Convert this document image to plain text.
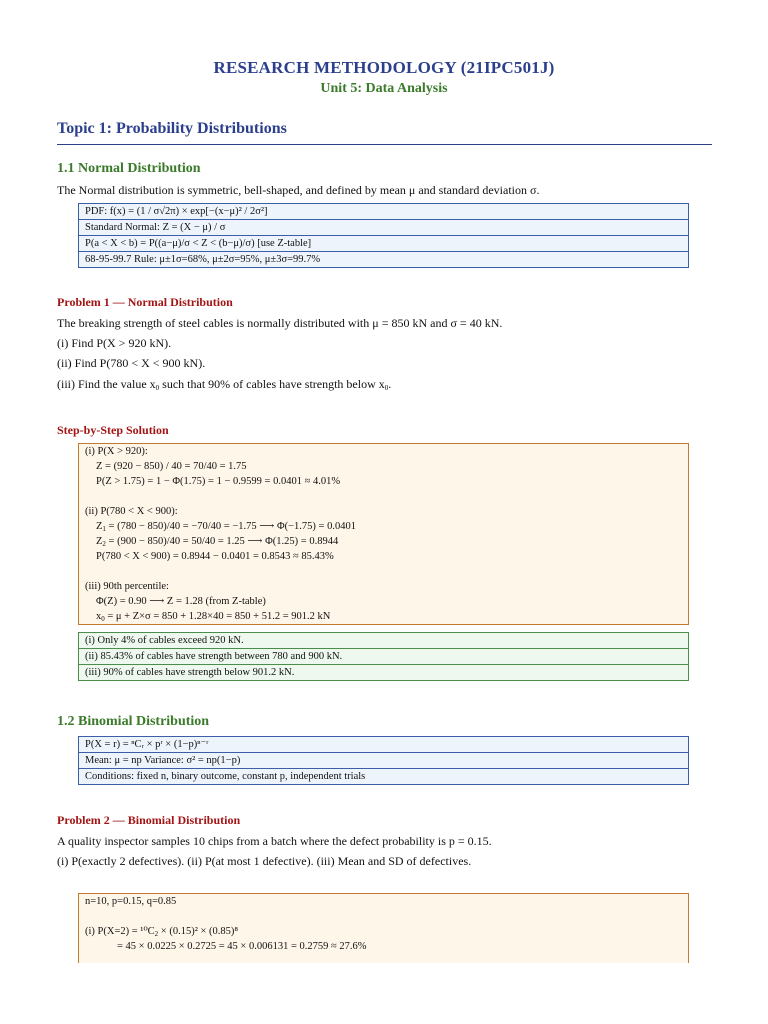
RESEARCH METHODOLOGY (21IPC501J)
Unit 5: Data Analysis
Topic 1: Probability Distributions
1.1 Normal Distribution
The Normal distribution is symmetric, bell-shaped, and defined by mean μ and standard deviation σ.
PDF: f(x) = (1 / σ√2π) × exp[−(x−μ)² / 2σ²]
Standard Normal: Z = (X − μ) / σ
P(a < X < b) = P((a−μ)/σ < Z < (b−μ)/σ) [use Z-table]
68-95-99.7 Rule: μ±1σ=68%, μ±2σ=95%, μ±3σ=99.7%
Problem 1 — Normal Distribution
The breaking strength of steel cables is normally distributed with μ = 850 kN and σ = 40 kN.
(i) Find P(X > 920 kN).
(ii) Find P(780 < X < 900 kN).
(iii) Find the value $x_0$ such that 90% of cables have strength below $x_0$.
Step-by-Step Solution
(i) P(X > 920):
Z = (920 − 850) / 40 = 70/40 = 1.75
P(Z > 1.75) = 1 − Φ(1.75) = 1 − 0.9599 = 0.0401 ≈ 4.01%
(ii) P(780 < X < 900):
$Z_1 = (780 - 850)/40 = -70/40 = -1.75$ ⟶ Φ(−1.75) = 0.0401
$Z_2 = (900 - 850)/40 = 50/40 = 1.25$ ⟶ Φ(1.25) = 0.8944
P(780 < X < 900) = 0.8944 − 0.0401 = 0.8543 ≈ 85.43%
(iii) 90th percentile:
Φ(Z) = 0.90 ⟶ Z = 1.28 (from Z-table)
$x_0 = \mu + Z\times\sigma = 850 + 1.28\times 40 = 850 + 51.2 = 901.2$ kN
(i) Only 4% of cables exceed 920 kN.
(ii) 85.43% of cables have strength between 780 and 900 kN.
(iii) 90% of cables have strength below 901.2 kN.
1.2 Binomial Distribution
P(X = r) = ⁿCᵣ × pʳ × (1−p)ⁿ⁻ʳ
Mean: μ = np Variance: σ² = np(1−p)
Conditions: fixed n, binary outcome, constant p, independent trials
Problem 2 — Binomial Distribution
A quality inspector samples 10 chips from a batch where the defect probability is p = 0.15.
(i) P(exactly 2 defectives). (ii) P(at most 1 defective). (iii) Mean and SD of defectives.
n=10, p=0.15, q=0.85
(i) $P(X=2) = ^{10}C_2 \times (0.15)^2 \times (0.85)^8$
= 45 × 0.0225 × 0.2725 = 45 × 0.006131 = 0.2759 ≈ 27.6%
